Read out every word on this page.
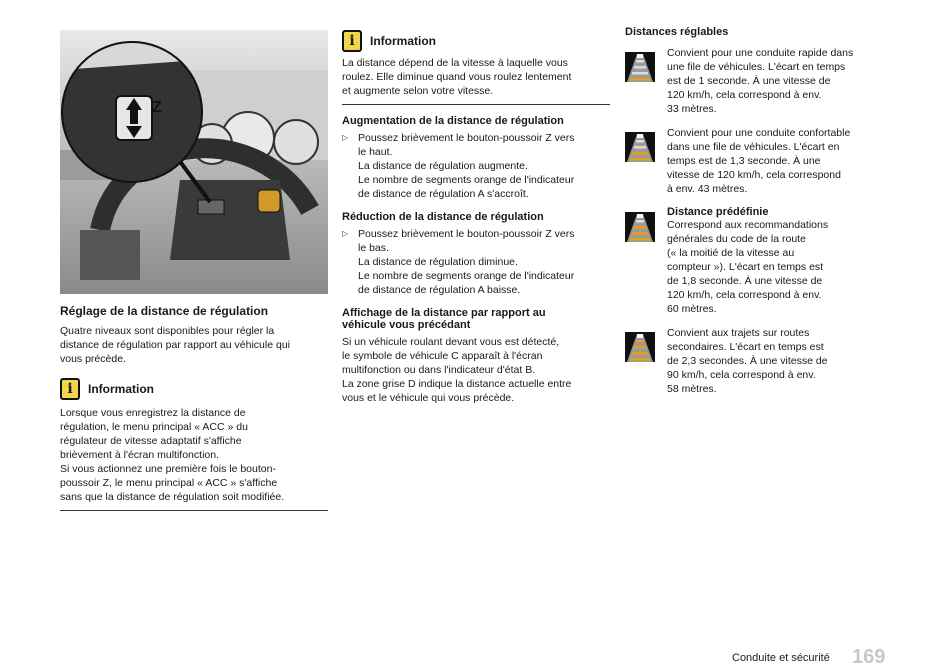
Z
Réglage de la distance de régulation

Quatre niveaux sont disponibles pour régler la

distance de régulation par rapport au véhicule qui

vous précède.

i	Information

Lorsque vous enregistrez la distance de

régulation, le menu principal « ACC » du

régulateur de vitesse adaptatif s'affiche

brièvement à l'écran multifonction.

Si vous actionnez une première fois le bouton-

poussoir Z, le menu principal « ACC » s'affiche

sans que la distance de régulation soit modifiée.

i	Information

La distance dépend de la vitesse à laquelle vous

roulez. Elle diminue quand vous roulez lentement

et augmente selon votre vitesse.

Augmentation de la distance de régulation
▷ Poussez brièvement le bouton-poussoir Z vers
le haut.

La distance de régulation augmente.

Le nombre de segments orange de l'indicateur

de distance de régulation A s'accroît.

Réduction de la distance de régulation
▷ Poussez brièvement le bouton-poussoir Z vers
le bas.

La distance de régulation diminue.

Le nombre de segments orange de l'indicateur

de distance de régulation A baisse.

Affichage de la distance par rapport au
véhicule vous précédant

Si un véhicule roulant devant vous est détecté,

le symbole de véhicule C apparaît à l'écran

multifonction ou dans l'indicateur d'état B.

La zone grise D indique la distance actuelle entre

vous et le véhicule qui vous précède.

Distances réglables

Convient pour une conduite rapide dans

une file de véhicules. L'écart en temps

est de 1 seconde. À une vitesse de

120 km/h, cela correspond à env.

33 mètres.

Convient pour une conduite confortable

dans une file de véhicules. L'écart en

temps est de 1,3 seconde. À une

vitesse de 120 km/h, cela correspond

à env. 43 mètres.

Distance prédéfinie

Correspond aux recommandations

générales du code de la route

(« la moitié de la vitesse au

compteur »). L'écart en temps est

de 1,8 seconde. À une vitesse de

120 km/h, cela correspond à env.

60 mètres.

Convient aux trajets sur routes

secondaires. L'écart en temps est

de 2,3 secondes. À une vitesse de

90 km/h, cela correspond à env.

58 mètres.

Conduite et sécurité 169
